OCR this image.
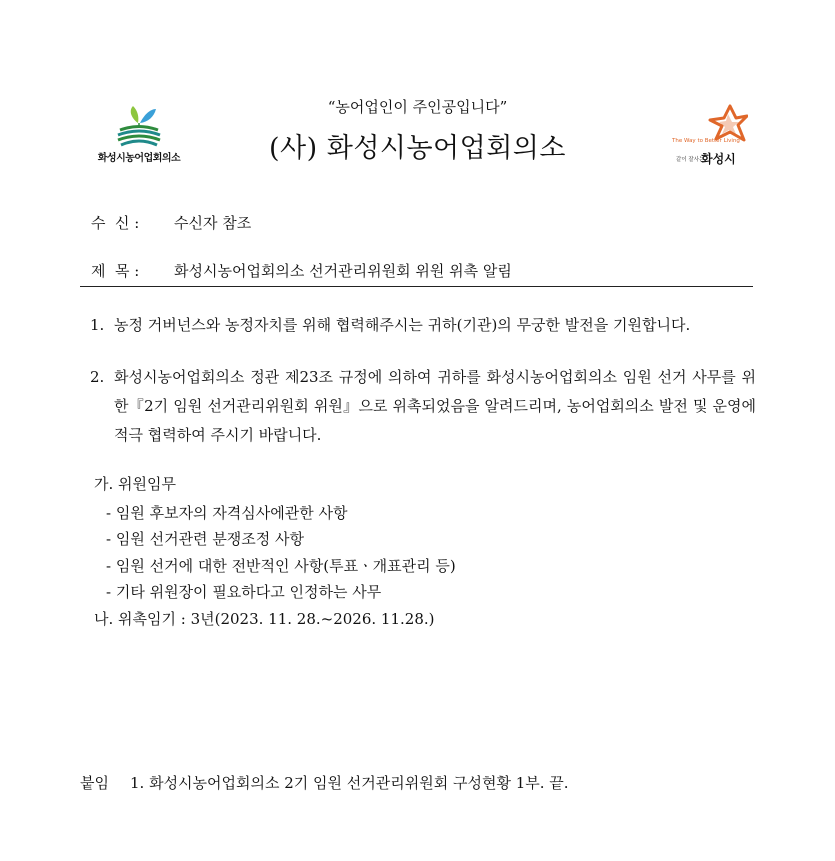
“농어업인이 주인공입니다”
(사) 화성시농어업회의소
화성시농어업회의소
The Way to Better Living
같이 잘사는
화성시
수  신 : 수신자 참조
제  목 : 화성시농어업회의소 선거관리위원회 위원 위촉 알림
1. 농정 거버넌스와 농정자치를 위해 협력해주시는 귀하(기관)의 무궁한 발전을 기원합니다.
2. 화성시농어업회의소 정관 제23조 규정에 의하여 귀하를 화성시농어업회의소 임원 선거 사무를 위한『2기 임원 선거관리위원회 위원』으로 위촉되었음을 알려드리며, 농어업회의소 발전 및 운영에 적극 협력하여 주시기 바랍니다.
가. 위원임무
- 임원 후보자의 자격심사에관한 사항
- 임원 선거관련 분쟁조정 사항
- 임원 선거에 대한 전반적인 사항(투표ㆍ개표관리 등)
- 기타 위원장이 필요하다고 인정하는 사무
나. 위촉임기 : 3년(2023. 11. 28.~2026. 11.28.)
붙임 1. 화성시농어업회의소 2기 임원 선거관리위원회 구성현황 1부. 끝.
